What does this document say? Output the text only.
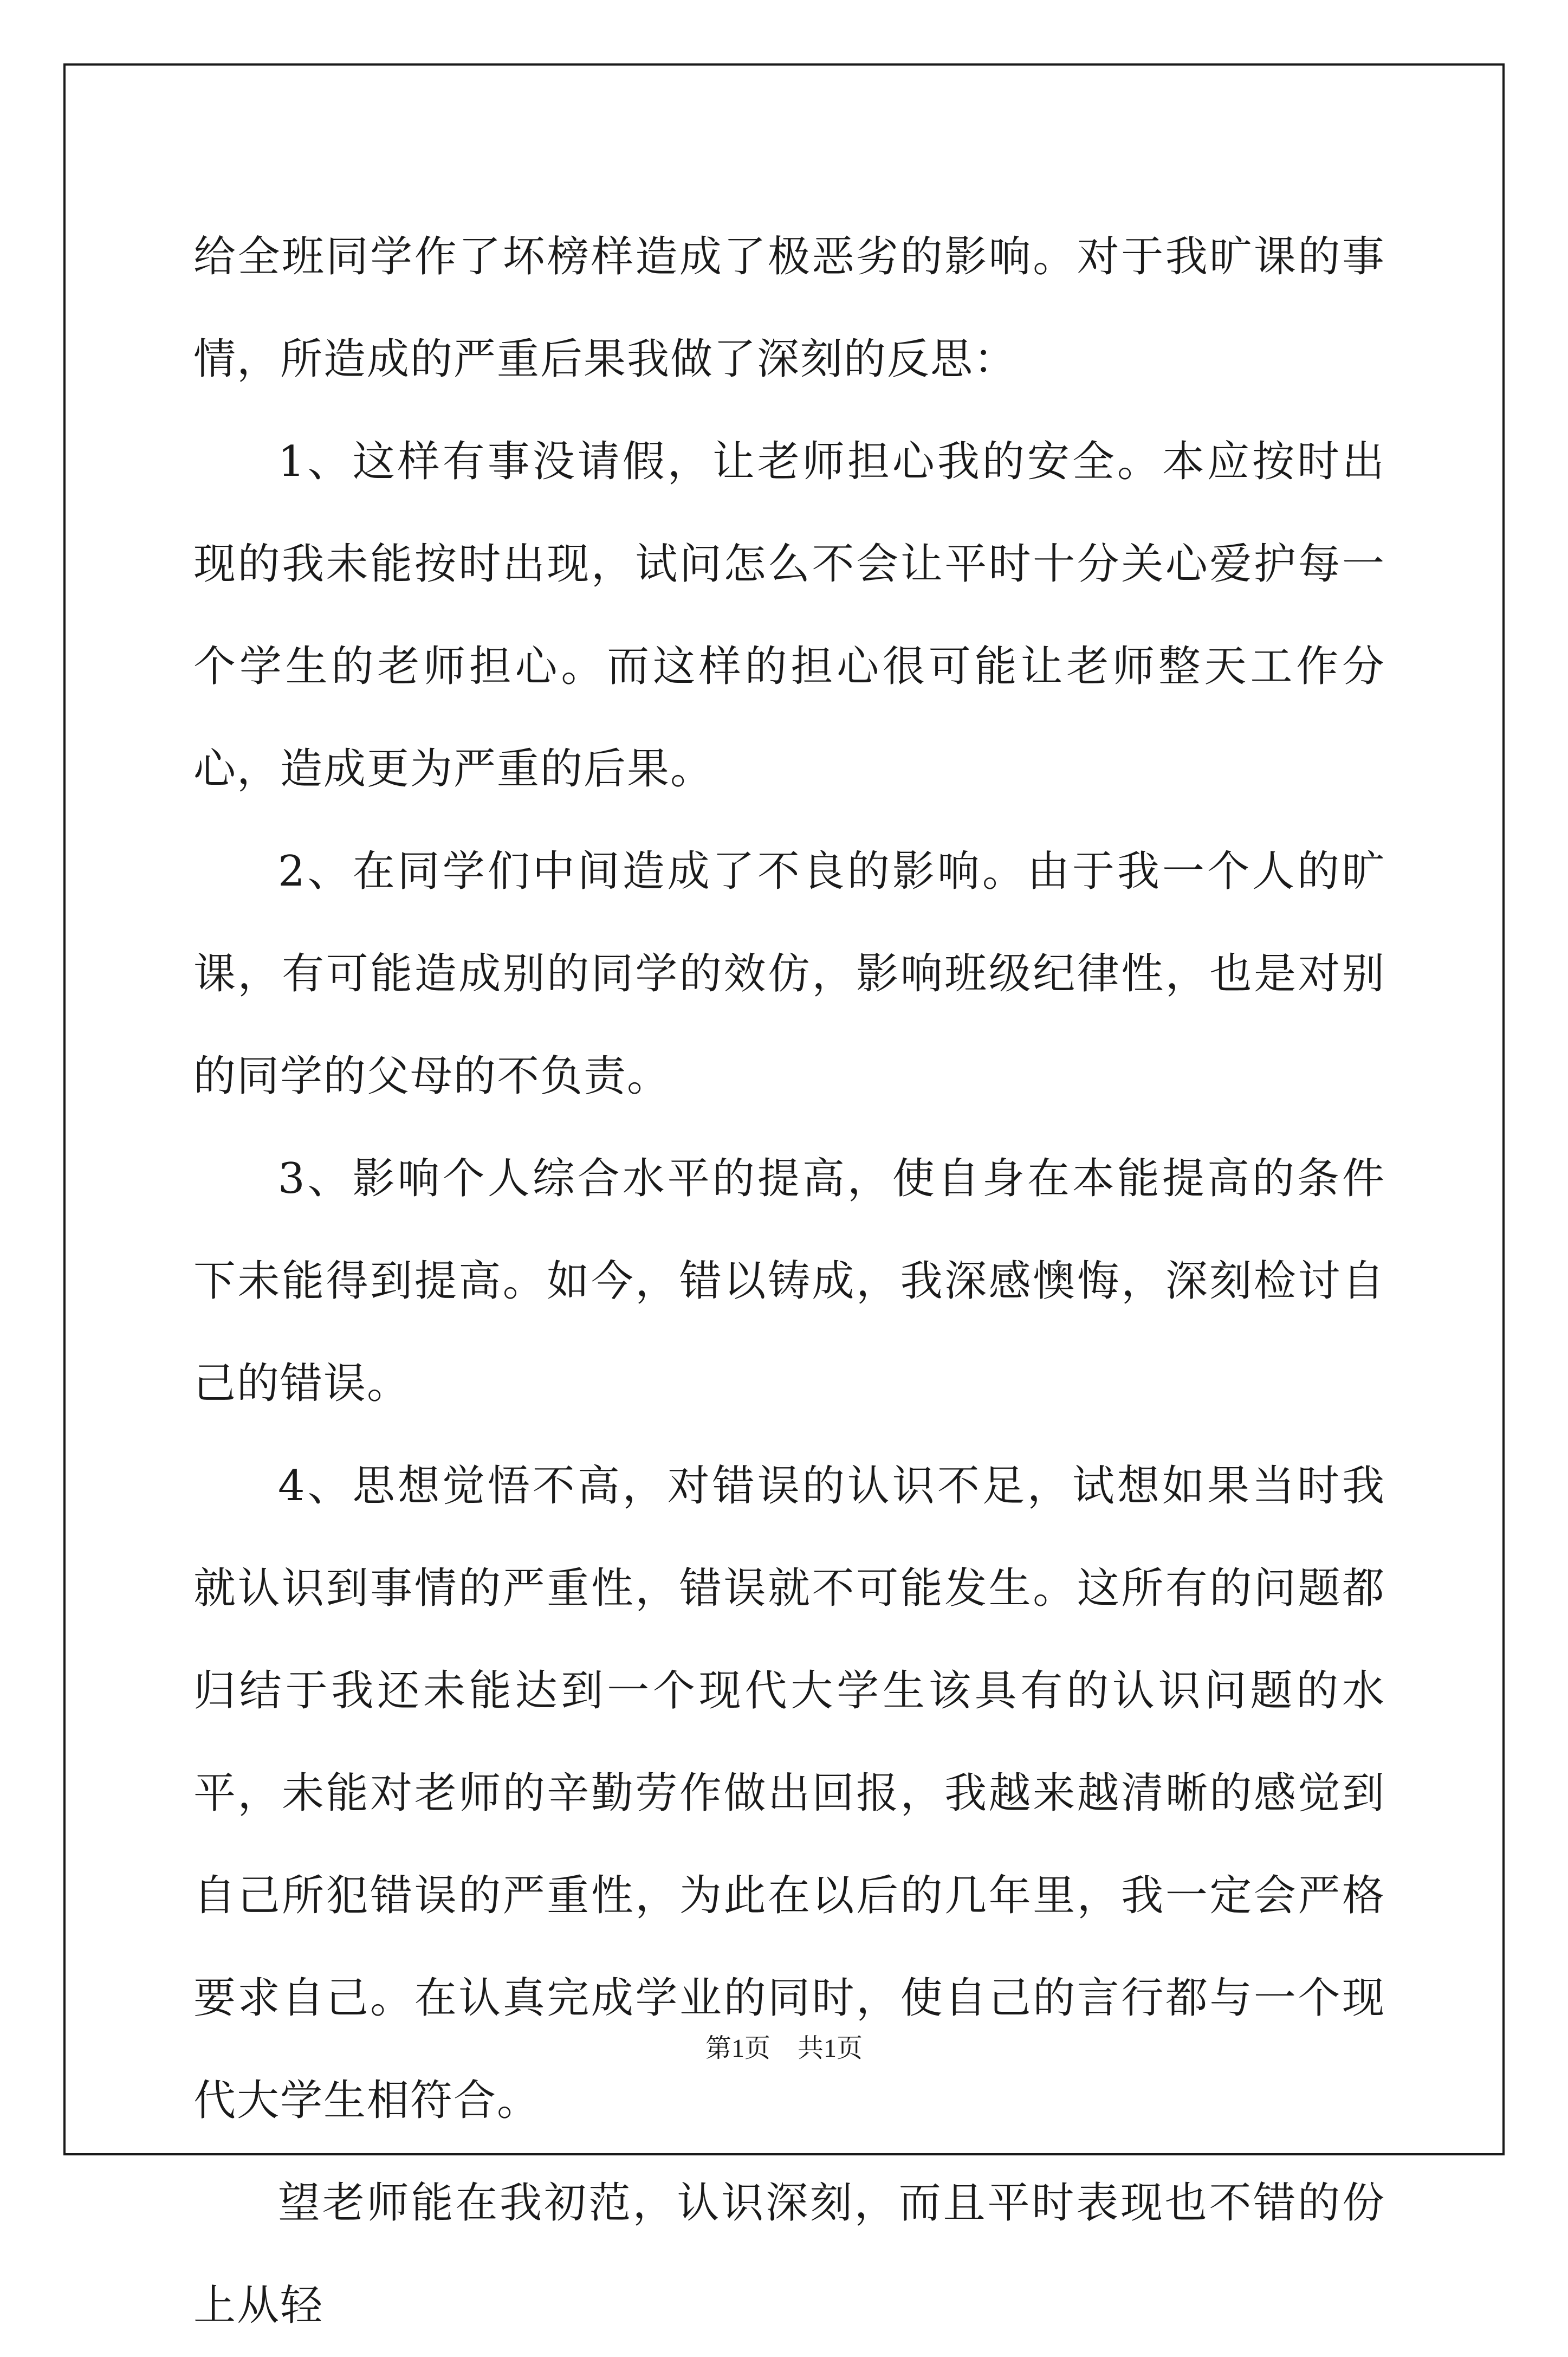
给全班同学作了坏榜样造成了极恶劣的影响。对于我旷课的事情，所造成的严重后果我做了深刻的反思：

1、这样有事没请假，让老师担心我的安全。本应按时出现的我未能按时出现，试问怎么不会让平时十分关心爱护每一个学生的老师担心。而这样的担心很可能让老师整天工作分心，造成更为严重的后果。

2、在同学们中间造成了不良的影响。由于我一个人的旷课，有可能造成别的同学的效仿，影响班级纪律性，也是对别的同学的父母的不负责。

3、影响个人综合水平的提高，使自身在本能提高的条件下未能得到提高。如今，错以铸成，我深感懊悔，深刻检讨自己的错误。

4、思想觉悟不高，对错误的认识不足，试想如果当时我就认识到事情的严重性，错误就不可能发生。这所有的问题都归结于我还未能达到一个现代大学生该具有的认识问题的水平，未能对老师的辛勤劳作做出回报，我越来越清晰的感觉到自己所犯错误的严重性，为此在以后的几年里，我一定会严格要求自己。在认真完成学业的同时，使自己的言行都与一个现代大学生相符合。

望老师能在我初范，认识深刻，而且平时表现也不错的份上从轻

第1页 共1页
